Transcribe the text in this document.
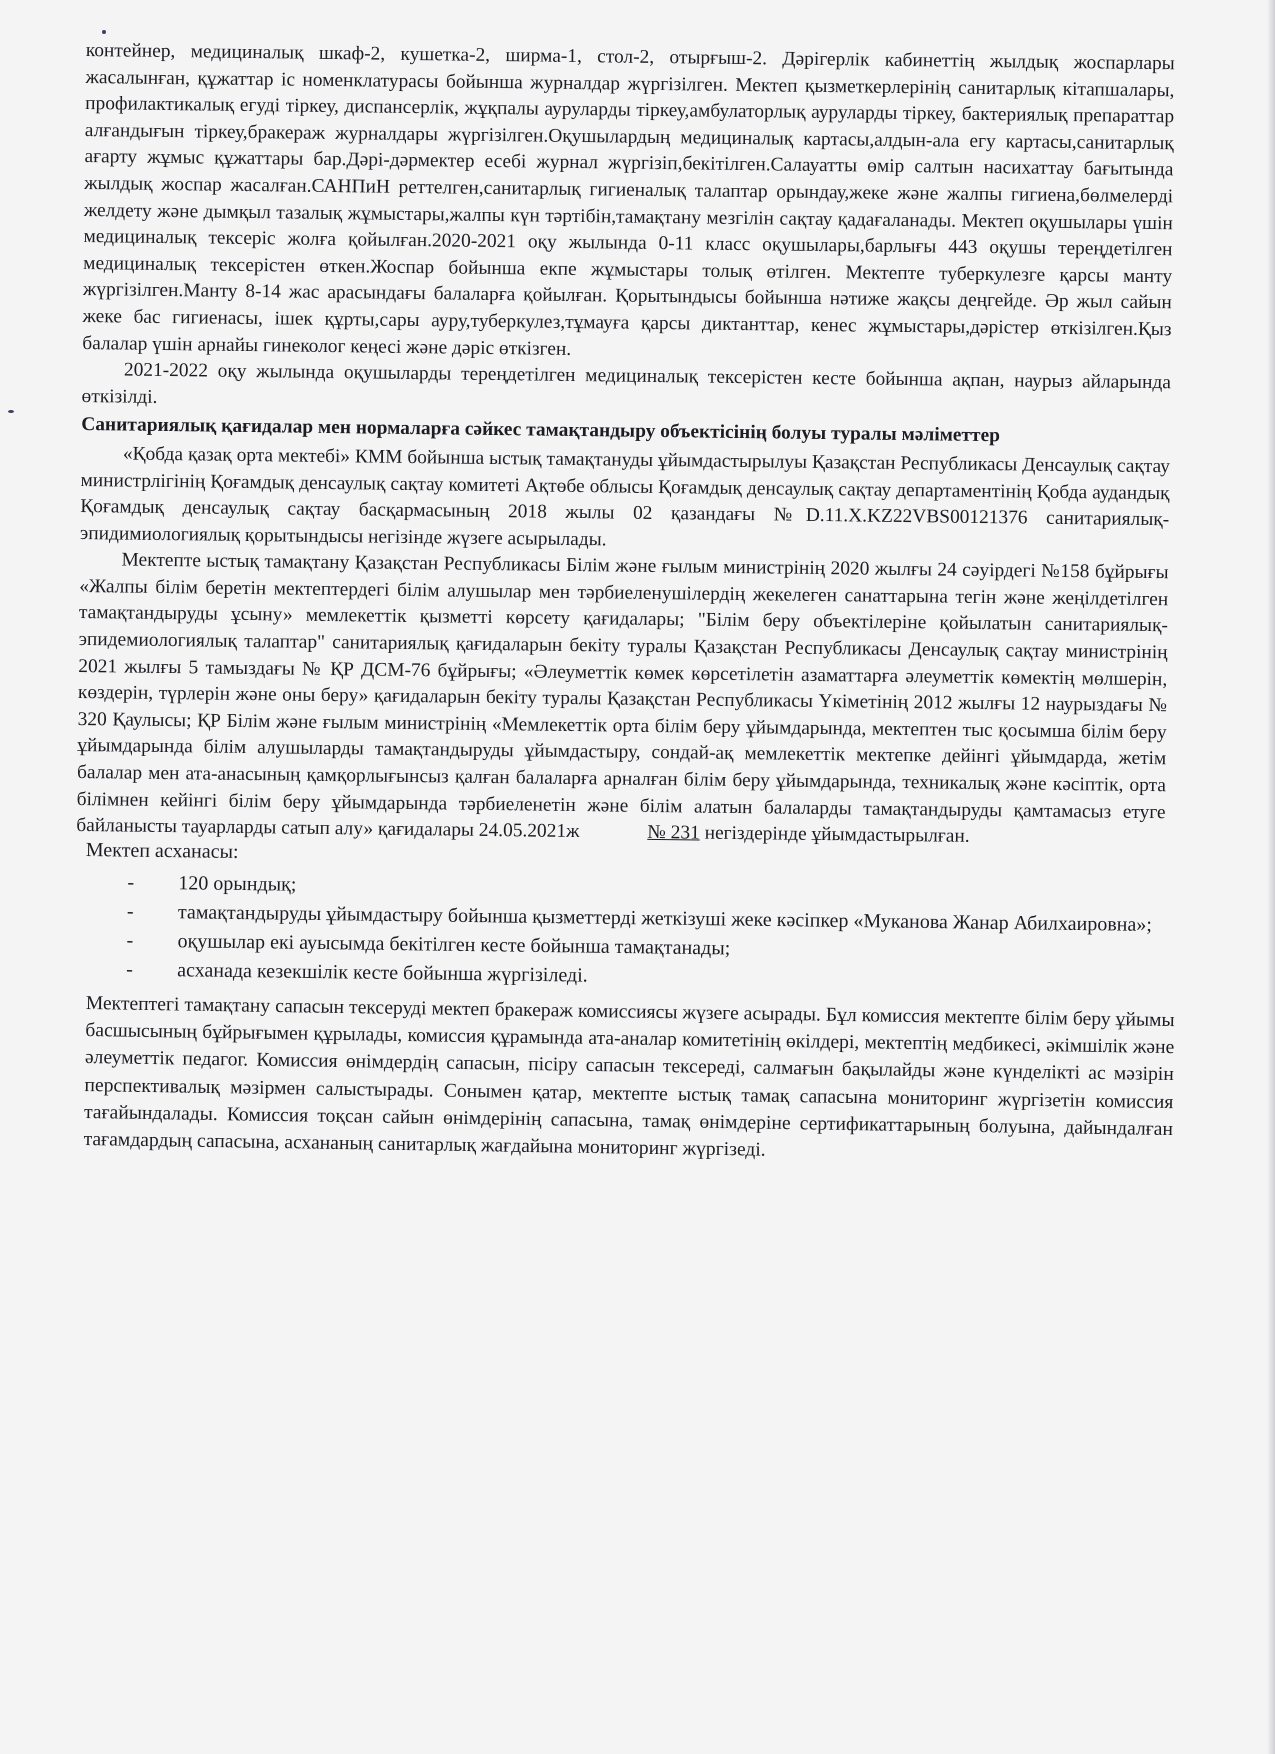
контейнер, медициналық шкаф-2, кушетка-2, ширма-1, стол-2, отырғыш-2. Дәрігерлік кабинеттің жылдық жоспарлары жасалынған, құжаттар іс номенклатурасы бойынша журналдар жүргізілген. Мектеп қызметкерлерінің санитарлық кітапшалары, профилактикалық егуді тіркеу, диспансерлік, жұқпалы ауруларды тіркеу,амбулаторлық ауруларды тіркеу, бактериялық препараттар алғандығын тіркеу,бракераж журналдары жүргізілген.Оқушылардың медициналық картасы,алдын-ала егу картасы,санитарлық ағарту жұмыс құжаттары бар.Дәрі-дәрмектер есебі журнал жүргізіп,бекітілген.Салауатты өмір салтын насихаттау бағытында жылдық жоспар жасалған.САНПиН реттелген,санитарлық гигиеналық талаптар орындау,жеке және жалпы гигиена,бөлмелерді желдету және дымқыл тазалық жұмыстары,жалпы күн тәртібін,тамақтану мезгілін сақтау қадағаланады. Мектеп оқушылары үшін медициналық тексеріс жолға қойылған.2020-2021 оқу жылында 0-11 класс оқушылары,барлығы 443 оқушы тереңдетілген медициналық тексерістен өткен.Жоспар бойынша екпе жұмыстары толық өтілген. Мектепте туберкулезге қарсы манту жүргізілген.Манту 8-14 жас арасындағы балаларға қойылған. Қорытындысы бойынша нәтиже жақсы деңгейде. Әр жыл сайын жеке бас гигиенасы, ішек құрты,сары ауру,туберкулез,тұмауға қарсы диктанттар, кенес жұмыстары,дәрістер өткізілген.Қыз балалар үшін арнайы гинеколог кеңесі және дәріс өткізген.

2021-2022 оқу жылында оқушыларды тереңдетілген медициналық тексерістен кесте бойынша ақпан, наурыз айларында өткізілді.

Санитариялық қағидалар мен нормаларға сәйкес тамақтандыру объектісінің болуы туралы мәліметтер

«Қобда қазақ орта мектебі» КММ бойынша ыстық тамақтануды ұйымдастырылуы Қазақстан Республикасы Денсаулық сақтау министрлігінің Қоғамдық денсаулық сақтау комитеті Ақтөбе облысы Қоғамдық денсаулық сақтау департаментінің Қобда аудандық Қоғамдық денсаулық сақтау басқармасының 2018 жылы 02 қазандағы №D.11.X.KZ22VBS00121376 санитариялық-эпидимиологиялық қорытындысы негізінде жүзеге асырылады.

Мектепте ыстық тамақтану Қазақстан Республикасы Білім және ғылым министрінің 2020 жылғы 24 сәуірдегі №158 бұйрығы «Жалпы білім беретін мектептердегі білім алушылар мен тәрбиеленушілердің жекелеген санаттарына тегін және жеңілдетілген тамақтандыруды ұсыну» мемлекеттік қызметті көрсету қағидалары; "Білім беру объектілеріне қойылатын санитариялық-эпидемиологиялық талаптар" санитариялық қағидаларын бекіту туралы Қазақстан Республикасы Денсаулық сақтау министрінің 2021 жылғы 5 тамыздағы № ҚР ДСМ-76 бұйрығы; «Әлеуметтік көмек көрсетілетін азаматтарға әлеуметтік көмектің мөлшерін, көздерін, түрлерін және оны беру» қағидаларын бекіту туралы Қазақстан Республикасы Үкіметінің 2012 жылғы 12 наурыздағы № 320 Қаулысы; ҚР Білім және ғылым министрінің «Мемлекеттік орта білім беру ұйымдарында, мектептен тыс қосымша білім беру ұйымдарында білім алушыларды тамақтандыруды ұйымдастыру, сондай-ақ мемлекеттік мектепке дейінгі ұйымдарда, жетім балалар мен ата-анасының қамқорлығынсыз қалған балаларға арналған білім беру ұйымдарында, техникалық және кәсіптік, орта білімнен кейінгі білім беру ұйымдарында тәрбиеленетін және білім алатын балаларды тамақтандыруды қамтамасыз етуге байланысты тауарларды сатып алу» қағидалары 24.05.2021ж	№ 231 негіздерінде ұйымдастырылған.

Мектеп асханасы:

- 120 орындық;
- тамақтандыруды ұйымдастыру бойынша қызметтерді жеткізуші жеке кәсіпкер «Муканова Жанар Абилхаировна»;
- оқушылар екі ауысымда бекітілген кесте бойынша тамақтанады;
- асханада кезекшілік кесте бойынша жүргізіледі.

Мектептегі тамақтану сапасын тексеруді мектеп бракераж комиссиясы жүзеге асырады. Бұл комиссия мектепте білім беру ұйымы басшысының бұйрығымен құрылады, комиссия құрамында ата-аналар комитетінің өкілдері, мектептің медбикесі, әкімшілік және әлеуметтік педагог. Комиссия өнімдердің сапасын, пісіру сапасын тексереді, салмағын бақылайды және күнделікті ас мәзірін перспективалық мәзірмен салыстырады. Сонымен қатар, мектепте ыстық тамақ сапасына мониторинг жүргізетін комиссия тағайындалады. Комиссия тоқсан сайын өнімдерінің сапасына, тамақ өнімдеріне сертификаттарының болуына, дайындалған тағамдардың сапасына, асхананың санитарлық жағдайына мониторинг жүргізеді.
